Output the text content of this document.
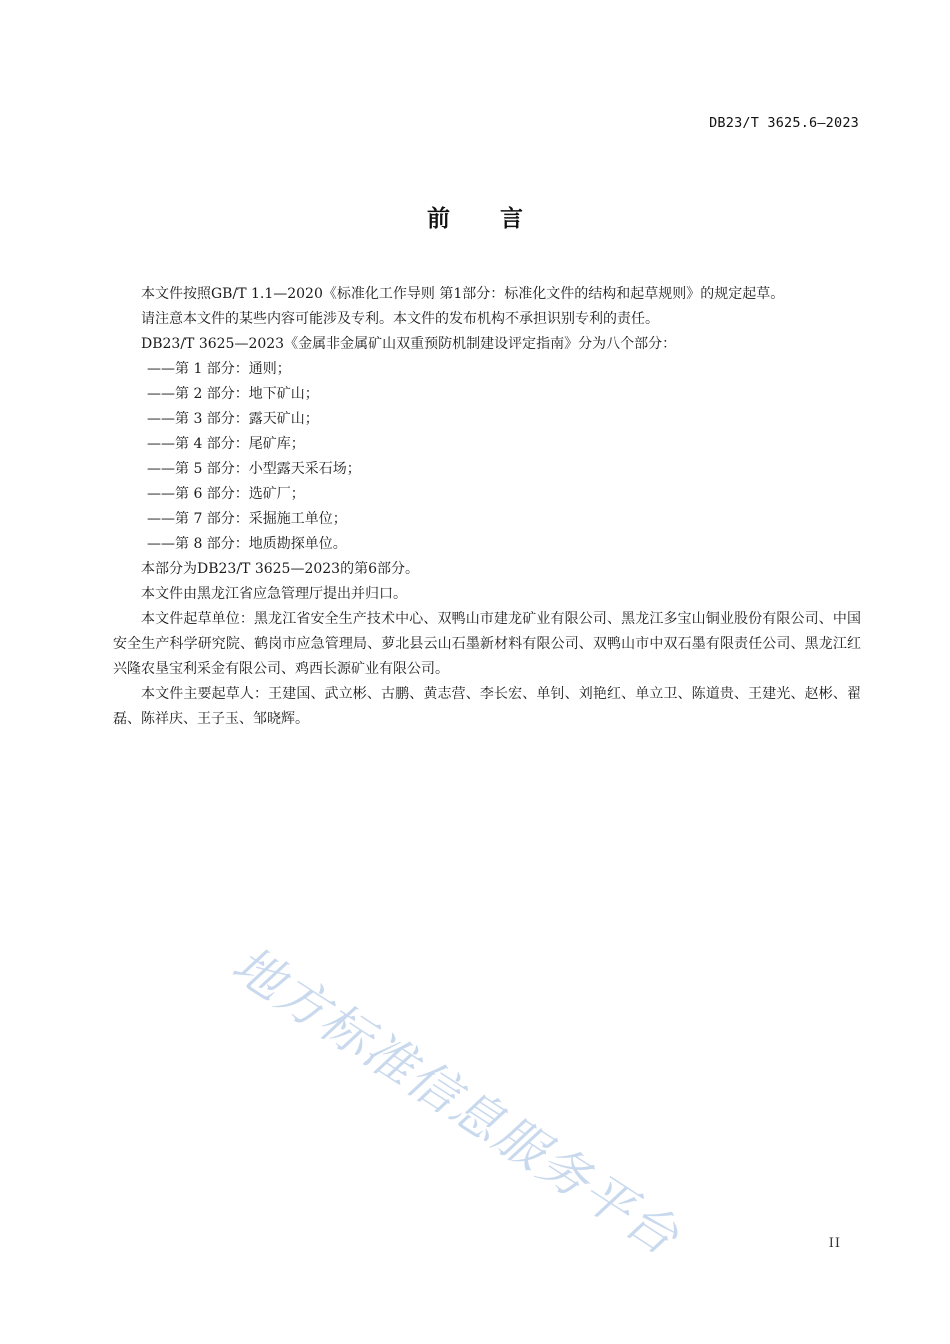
DB23/T 3625.6—2023
前言

本文件按照GB/T 1.1—2020《标准化工作导则 第1部分：标准化文件的结构和起草规则》的规定起草。

请注意本文件的某些内容可能涉及专利。本文件的发布机构不承担识别专利的责任。

DB23/T 3625—2023《金属非金属矿山双重预防机制建设评定指南》分为八个部分：

——第 1 部分：通则；

——第 2 部分：地下矿山；

——第 3 部分：露天矿山；

——第 4 部分：尾矿库；

——第 5 部分：小型露天采石场；

——第 6 部分：选矿厂；

——第 7 部分：采掘施工单位；

——第 8 部分：地质勘探单位。

本部分为DB23/T 3625—2023的第6部分。

本文件由黑龙江省应急管理厅提出并归口。

本文件起草单位：黑龙江省安全生产技术中心、双鸭山市建龙矿业有限公司、黑龙江多宝山铜业股份有限公司、中国安全生产科学研究院、鹤岗市应急管理局、萝北县云山石墨新材料有限公司、双鸭山市中双石墨有限责任公司、黑龙江红兴隆农垦宝利采金有限公司、鸡西长源矿业有限公司。

本文件主要起草人：王建国、武立彬、古鹏、黄志营、李长宏、单钊、刘艳红、单立卫、陈道贵、王建光、赵彬、翟磊、陈祥庆、王子玉、邹晓辉。

地方标准信息服务平台	II
